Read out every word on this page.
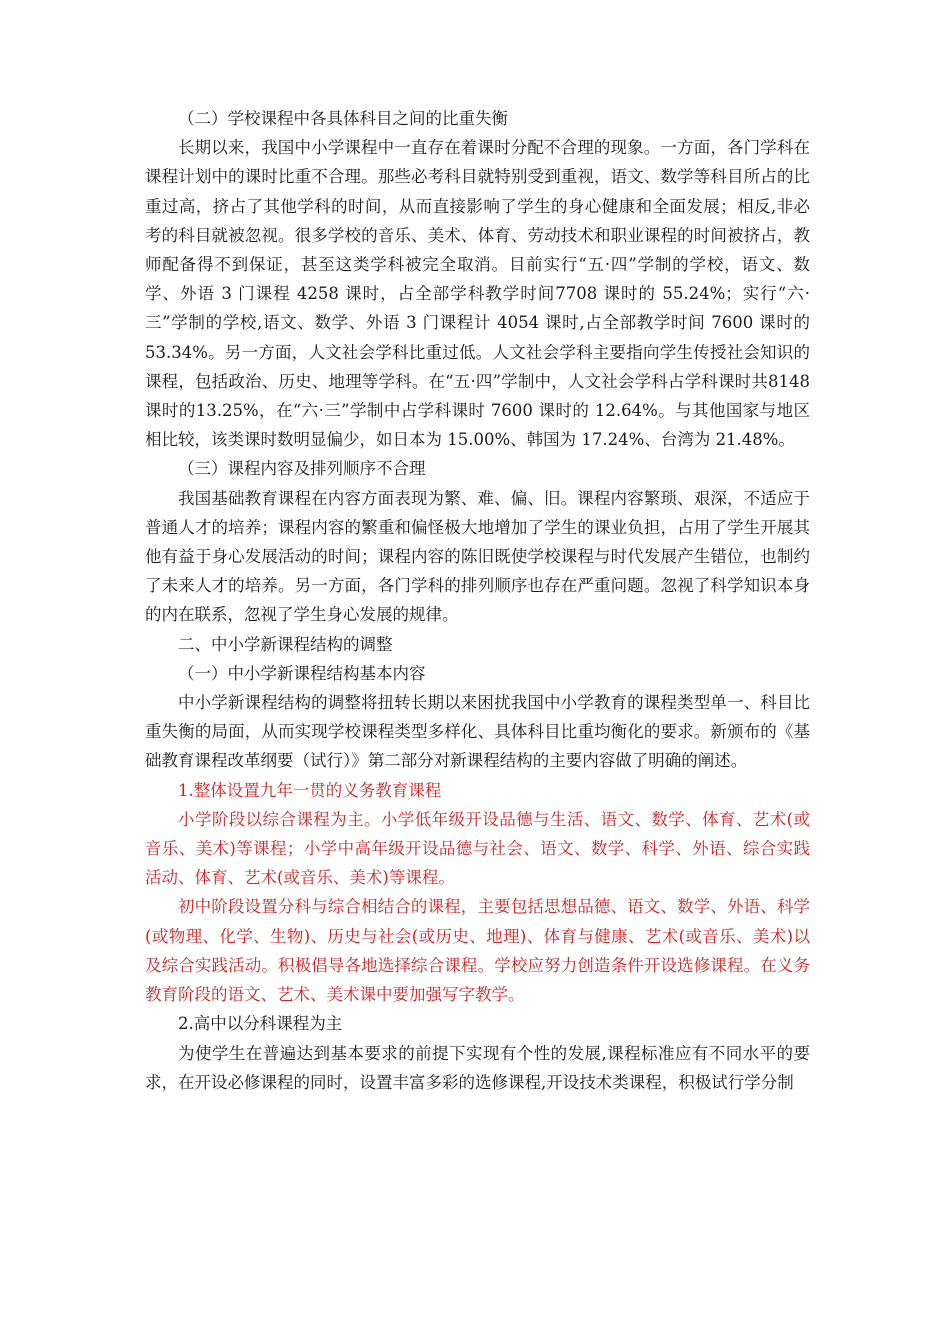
（二）学校课程中各具体科目之间的比重失衡

长期以来，我国中小学课程中一直存在着课时分配不合理的现象。一方面，各门学科在课程计划中的课时比重不合理。那些必考科目就特别受到重视，语文、数学等科目所占的比重过高，挤占了其他学科的时间，从而直接影响了学生的身心健康和全面发展；相反,非必考的科目就被忽视。很多学校的音乐、美术、体育、劳动技术和职业课程的时间被挤占，教师配备得不到保证，甚至这类学科被完全取消。目前实行“五·四”学制的学校，语文、数学、外语 3 门课程 4258 课时，占全部学科教学时间7708 课时的 55.24%；实行“六·三”学制的学校,语文、数学、外语 3 门课程计 4054 课时,占全部教学时间 7600 课时的 53.34%。另一方面，人文社会学科比重过低。人文社会学科主要指向学生传授社会知识的课程，包括政治、历史、地理等学科。在“五·四”学制中，人文社会学科占学科课时共8148 课时的13.25%，在“六·三”学制中占学科课时 7600 课时的 12.64%。与其他国家与地区相比较，该类课时数明显偏少，如日本为 15.00%、韩国为 17.24%、台湾为 21.48%。

（三）课程内容及排列顺序不合理

我国基础教育课程在内容方面表现为繁、难、偏、旧。课程内容繁琐、艰深，不适应于普通人才的培养；课程内容的繁重和偏怪极大地增加了学生的课业负担，占用了学生开展其他有益于身心发展活动的时间；课程内容的陈旧既使学校课程与时代发展产生错位，也制约了未来人才的培养。另一方面，各门学科的排列顺序也存在严重问题。忽视了科学知识本身的内在联系，忽视了学生身心发展的规律。

二、中小学新课程结构的调整

（一）中小学新课程结构基本内容

中小学新课程结构的调整将扭转长期以来困扰我国中小学教育的课程类型单一、科目比重失衡的局面，从而实现学校课程类型多样化、具体科目比重均衡化的要求。新颁布的《基础教育课程改革纲要（试行）》第二部分对新课程结构的主要内容做了明确的阐述。

1.整体设置九年一贯的义务教育课程

小学阶段以综合课程为主。小学低年级开设品德与生活、语文、数学、体育、艺术(或音乐、美术)等课程；小学中高年级开设品德与社会、语文、数学、科学、外语、综合实践活动、体育、艺术(或音乐、美术)等课程。

初中阶段设置分科与综合相结合的课程，主要包括思想品德、语文、数学、外语、科学(或物理、化学、生物)、历史与社会(或历史、地理)、体育与健康、艺术(或音乐、美术)以及综合实践活动。积极倡导各地选择综合课程。学校应努力创造条件开设选修课程。在义务教育阶段的语文、艺术、美术课中要加强写字教学。

2.高中以分科课程为主

为使学生在普遍达到基本要求的前提下实现有个性的发展,课程标准应有不同水平的要求，在开设必修课程的同时，设置丰富多彩的选修课程,开设技术类课程，积极试行学分制
